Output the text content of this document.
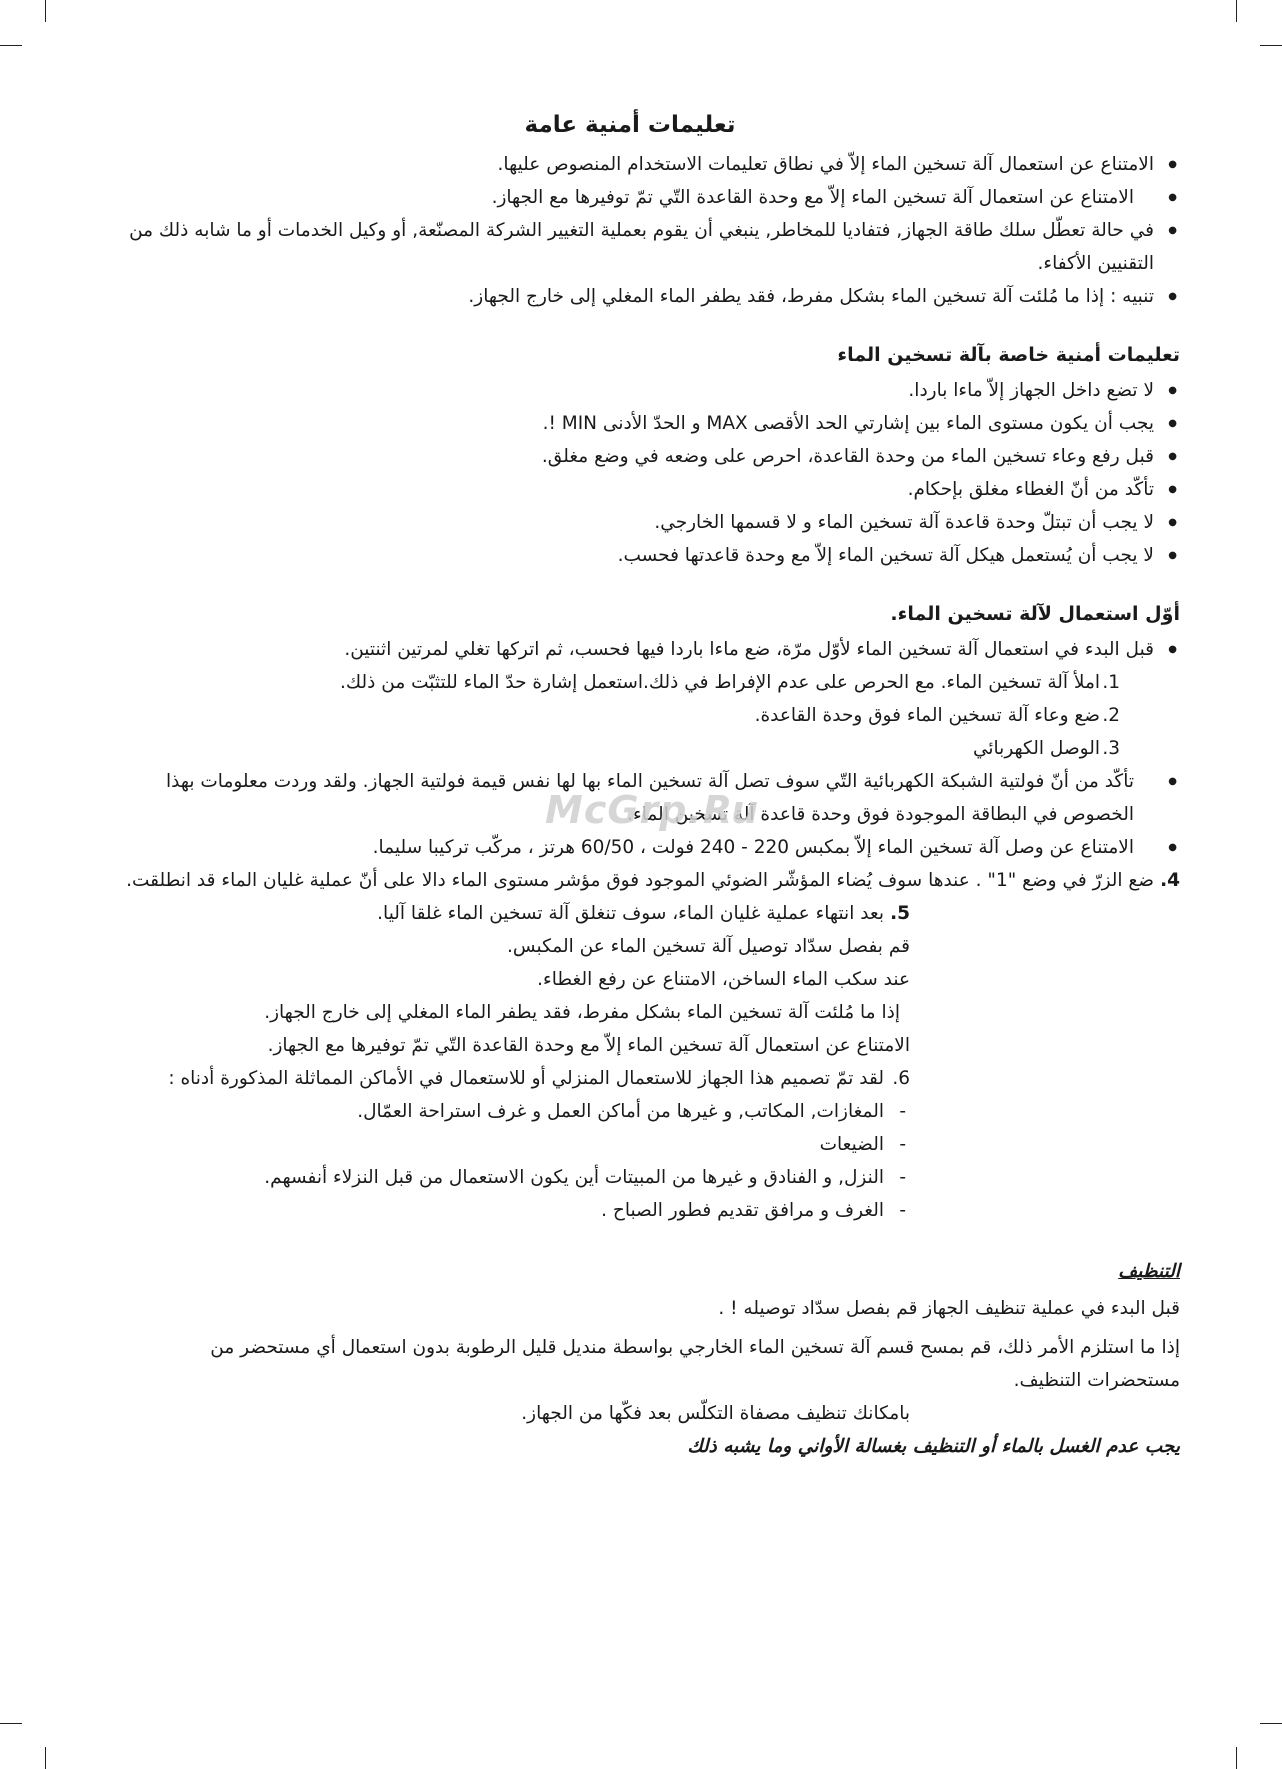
تعليمات أمنية عامة
● الامتناع عن استعمال آلة تسخين الماء إلاّ في نطاق تعليمات الاستخدام المنصوص عليها.
● الامتناع عن استعمال آلة تسخين الماء إلاّ مع وحدة القاعدة التّي تمّ توفيرها مع الجهاز.
● في حالة تعطّل سلك طاقة الجهاز, فتفاديا للمخاطر, ينبغي أن يقوم بعملية التغيير الشركة المصنّعة, أو وكيل الخدمات أو ما شابه ذلك من التقنيين الأكفاء.
● تنبيه : إذا ما مُلئت آلة تسخين الماء بشكل مفرط، فقد يطفر الماء المغلي إلى خارج الجهاز.
تعليمات أمنية خاصة بآلة تسخين الماء
● لا تضع داخل الجهاز إلاّ ماءا باردا.
● يجب أن يكون مستوى الماء بين إشارتي الحد الأقصى MAX و الحدّ الأدنى MIN !.
● قبل رفع وعاء تسخين الماء من وحدة القاعدة، احرص على وضعه في وضع مغلق.
● تأكّد من أنّ الغطاء مغلق بإحكام.
● لا يجب أن تبتلّ وحدة قاعدة آلة تسخين الماء و لا قسمها الخارجي.
● لا يجب أن يُستعمل هيكل آلة تسخين الماء إلاّ مع وحدة قاعدتها فحسب.
أوّل استعمال لآلة تسخين الماء.
● قبل البدء في استعمال آلة تسخين الماء لأوّل مرّة، ضع ماءا باردا فيها فحسب، ثم اتركها تغلي لمرتين اثنتين.
1.
املأ آلة تسخين الماء. مع الحرص على عدم الإفراط في ذلك.استعمل إشارة حدّ الماء للتثبّت من ذلك.
2.
ضع وعاء آلة تسخين الماء فوق وحدة القاعدة.
3.
الوصل الكهربائي
● تأكّد من أنّ فولتية الشبكة الكهربائية التّي سوف تصل آلة تسخين الماء بها لها نفس قيمة فولتية الجهاز. ولقد وردت معلومات بهذا الخصوص في البطاقة الموجودة فوق وحدة قاعدة آلة تسخين الماء.
● الامتناع عن وصل آلة تسخين الماء إلاّ بمكبس 220 - 240 فولت ، 60/50 هرتز ، مركّب تركيبا سليما.
4.
ضع الزرّ في وضع "1" . عندها سوف يُضاء المؤشّر الضوئي الموجود فوق مؤشر مستوى الماء دالا على أنّ عملية غليان الماء قد انطلقت.
5.
بعد انتهاء عملية غليان الماء، سوف تنغلق آلة تسخين الماء غلقا آليا.

قم بفصل سدّاد توصيل آلة تسخين الماء عن المكبس.

عند سكب الماء الساخن، الامتناع عن رفع الغطاء.

إذا ما مُلئت آلة تسخين الماء بشكل مفرط، فقد يطفر الماء المغلي إلى خارج الجهاز.

الامتناع عن استعمال آلة تسخين الماء إلاّ مع وحدة القاعدة التّي تمّ توفيرها مع الجهاز.

6.
لقد تمّ تصميم هذا الجهاز للاستعمال المنزلي أو للاستعمال في الأماكن المماثلة المذكورة أدناه :
- المغازات, المكاتب, و غيرها من أماكن العمل و غرف استراحة العمّال.
- الضيعات
- النزل, و الفنادق و غيرها من المبيتات أين يكون الاستعمال من قبل النزلاء أنفسهم.
- الغرف و مرافق تقديم فطور الصباح .
التنظيف

قبل البدء في عملية تنظيف الجهاز قم بفصل سدّاد توصيله ! .

إذا ما استلزم الأمر ذلك، قم بمسح قسم آلة تسخين الماء الخارجي بواسطة منديل قليل الرطوبة بدون استعمال أي مستحضر من مستحضرات التنظيف.

بامكانك تنظيف مصفاة التكلّس بعد فكّها من الجهاز.

يجب عدم الغسل بالماء أو التنظيف بغسالة الأواني وما يشبه ذلك

McGrp.Ru
